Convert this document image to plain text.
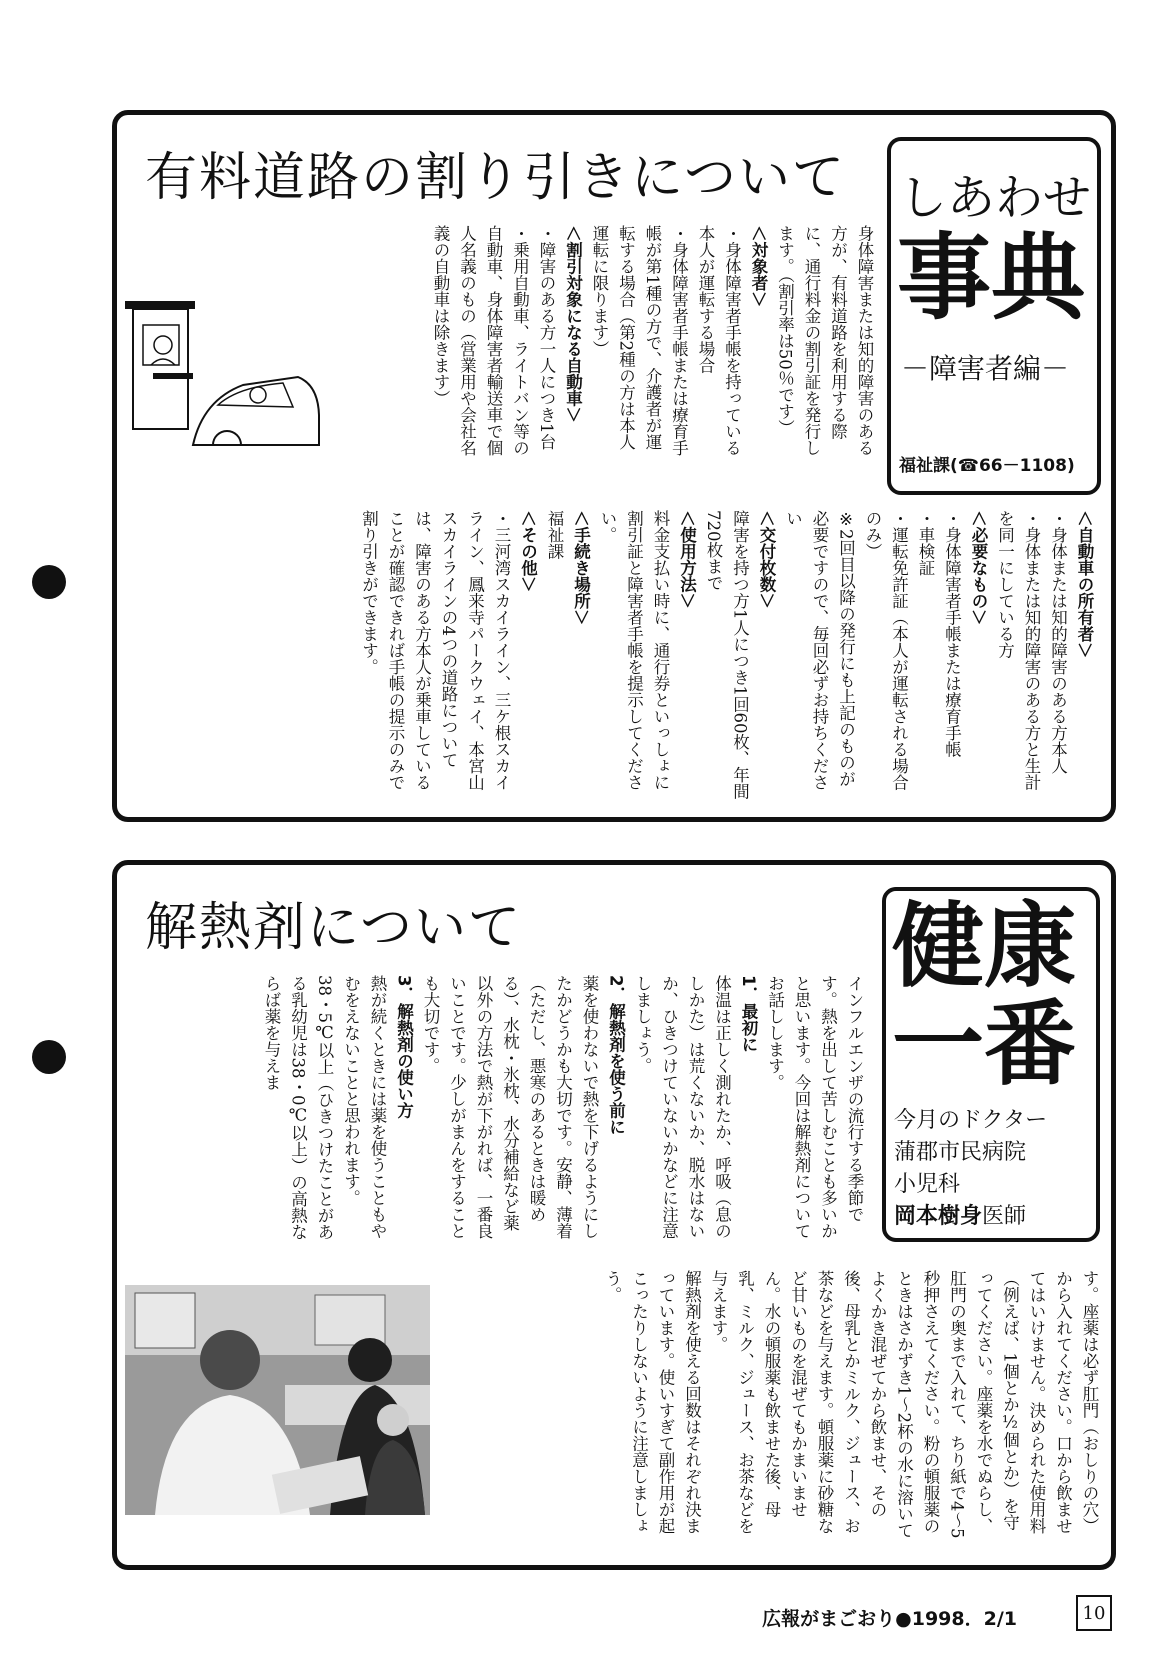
有料道路の割り引きについて しあわせ
事典
－障害者編－
福祉課(☎66－1108)

身体障害または知的障害のある方が、有料道路を利用する際に、通行料金の割引証を発行します。（割引率は50％です）

＜対象者＞

・身体障害者手帳を持っている本人が運転する場合

・身体障害者手帳または療育手帳が第1種の方で、介護者が運転する場合（第2種の方は本人運転に限ります）

＜割引対象になる自動車＞

・障害のある方一人につき1台

・乗用自動車、ライトバン等の自動車、身体障害者輸送車で個人名義のもの（営業用や会社名義の自動車は除きます）

＜自動車の所有者＞

・身体または知的障害のある方本人

・身体または知的障害のある方と生計を同一にしている方

＜必要なもの＞

・身体障害者手帳または療育手帳

・車検証

・運転免許証（本人が運転される場合のみ）

※2回目以降の発行にも上記のものが必要ですので、毎回必ずお持ちください

＜交付枚数＞

障害を持つ方1人につき1回60枚、年間720枚まで

＜使用方法＞

料金支払い時に、通行券といっしょに割引証と障害者手帳を提示してください。

＜手続き場所＞

福祉課

＜その他＞

・三河湾スカイライン、三ケ根スカイライン、鳳来寺パークウェイ、本宮山スカイラインの4つの道路については、障害のある方本人が乗車していることが確認できれば手帳の提示のみで割り引きができます。

解熱剤について	健康
一番
今月のドクター
蒲郡市民病院
小児科
岡本樹身医師

インフルエンザの流行する季節です。熱を出して苦しむことも多いかと思います。今回は解熱剤についてお話しします。

1．最初に

体温は正しく測れたか、呼吸（息のしかた）は荒くないか、脱水はないか、ひきつけていないかなどに注意しましょう。

2．解熱剤を使う前に

薬を使わないで熱を下げるようにしたかどうかも大切です。安静、薄着（ただし、悪寒のあるときは暖める）、水枕・氷枕、水分補給など薬以外の方法で熱が下がれば、一番良いことです。少しがまんをすることも大切です。

3．解熱剤の使い方

熱が続くときには薬を使うこともやむをえないことと思われます。38・5℃以上（ひきつけたことがある乳幼児は38・0℃以上）の高熱ならば薬を与えま

す。座薬は必ず肛門（おしりの穴）から入れてください。口から飲ませてはいけません。決められた使用料（例えば、1個とか½個とか）を守ってください。座薬を水でぬらし、肛門の奥まで入れて、ちり紙で4～5秒押さえてください。粉の頓服薬のときはさかずき1～2杯の水に溶いてよくかき混ぜてから飲ませ、その後、母乳とかミルク、ジュース、お茶などを与えます。頓服薬に砂糖など甘いものを混ぜてもかまいません。水の頓服薬も飲ませた後、母乳、ミルク、ジュース、お茶などを与えます。

解熱剤を使える回数はそれぞれ決まっています。使いすぎて副作用が起こったりしないように注意しましょう。

広報がまごおり●1998．2/1	10
